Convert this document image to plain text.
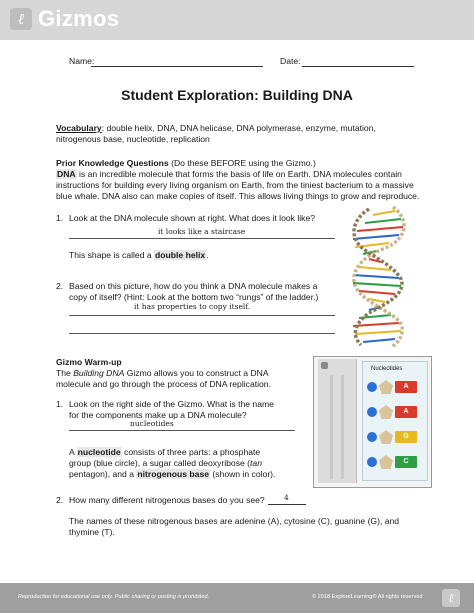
ℓ Gizmos
Name:	Date:
Student Exploration: Building DNA
Vocabulary: double helix, DNA, DNA helicase, DNA polymerase, enzyme, mutation,
nitrogenous base, nucleotide, replication
Prior Knowledge Questions (Do these BEFORE using the Gizmo.)
DNA is an incredible molecule that forms the basis of life on Earth. DNA molecules contain
instructions for building every living organism on Earth, from the tiniest bacterium to a massive
blue whale. DNA also can make copies of itself. This allows living things to grow and reproduce.
1. Look at the DNA molecule shown at right. What does it look like?
it looks like a staircase
This shape is called a double helix.
2. Based on this picture, how do you think a DNA molecule makes a
copy of itself? (Hint: Look at the bottom two “rungs” of the ladder.)
it has properties to copy itself.
Gizmo Warm-up
The Building DNA Gizmo allows you to construct a DNA
molecule and go through the process of DNA replication.
1. Look on the right side of the Gizmo. What is the name
for the components make up a DNA molecule?
nucleotides
A nucleotide consists of three parts: a phosphate
group (blue circle), a sugar called deoxyribose (tan
pentagon), and a nitrogenous base (shown in color).
Nucleotides
A
A
G
C
2. How many different nitrogenous bases do you see?	4
The names of these nitrogenous bases are adenine (A), cytosine (C), guanine (G), and
thymine (T).
Reproduction for educational use only. Public sharing or posting is prohibited.	© 2018 ExploreLearning® All rights reserved	ℓ
